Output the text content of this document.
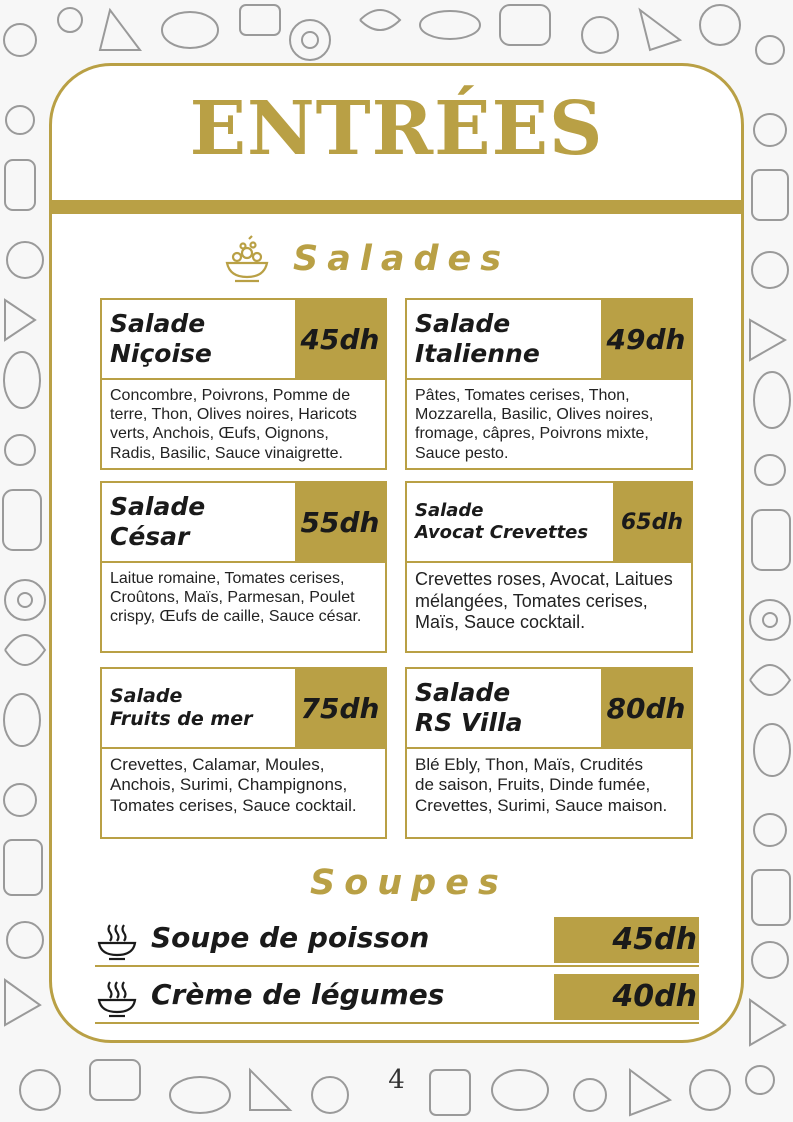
ENTRÉES
Salades
Salade
Niçoise	45dh
Concombre, Poivrons, Pomme de
terre, Thon, Olives noires, Haricots
verts, Anchois, Œufs, Oignons,
Radis, Basilic, Sauce vinaigrette.
Salade
Italienne 49dh
Pâtes, Tomates cerises, Thon,
Mozzarella, Basilic, Olives noires,
fromage, câpres, Poivrons mixte,
Sauce pesto.
Salade
César	55dh
Laitue romaine, Tomates cerises,
Croûtons, Maïs, Parmesan, Poulet
crispy, Œufs de caille, Sauce césar.
Salade
Avocat Crevettes	65dh
Crevettes roses, Avocat, Laitues
mélangées, Tomates cerises,
Maïs, Sauce cocktail.
Salade
Fruits de mer 75dh
Crevettes, Calamar, Moules,
Anchois, Surimi, Champignons,
Tomates cerises, Sauce cocktail.
Salade
RS Villa	80dh
Blé Ebly, Thon, Maïs, Crudités
de saison, Fruits, Dinde fumée,
Crevettes, Surimi, Sauce maison.
Soupes
Soupe de poisson	45dh
Crème de légumes	40dh
4
